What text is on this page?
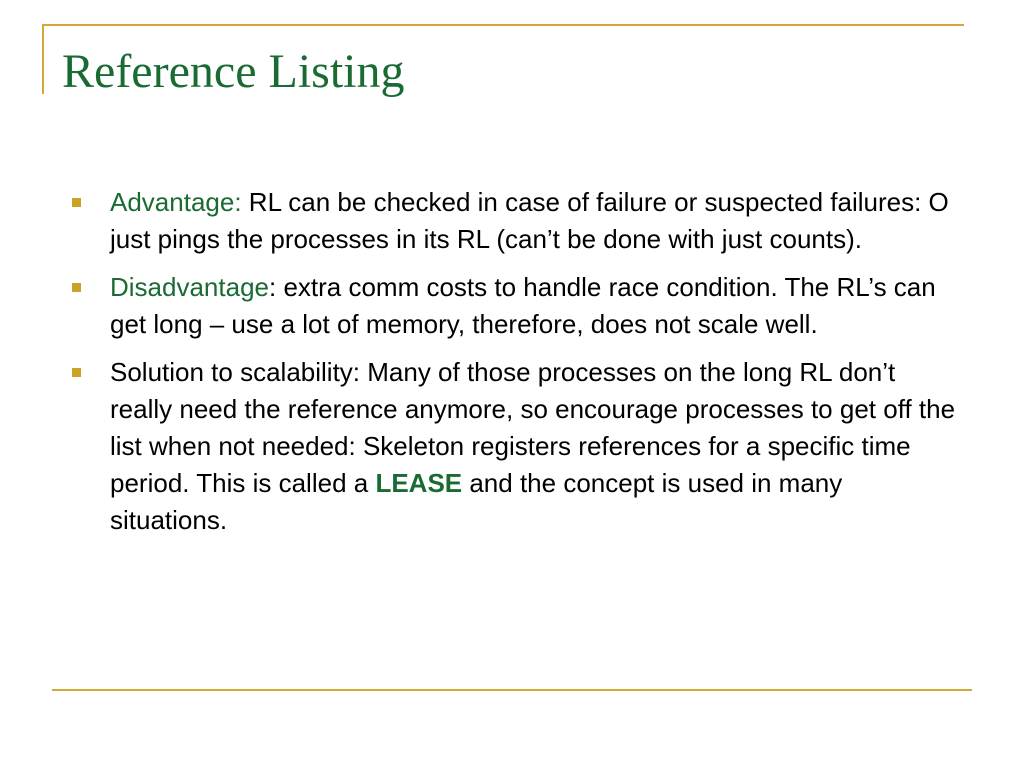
Reference Listing
Advantage: RL can be checked in case of failure or suspected failures: O just pings the processes in its RL (can’t be done with just counts).
Disadvantage: extra comm costs to handle race condition. The RL’s can get long – use a lot of memory, therefore, does not scale well.
Solution to scalability: Many of those processes on the long RL don’t really need the reference anymore, so encourage processes to get off the list when not needed: Skeleton registers references for a specific time period. This is called a LEASE and the concept is used in many situations.
